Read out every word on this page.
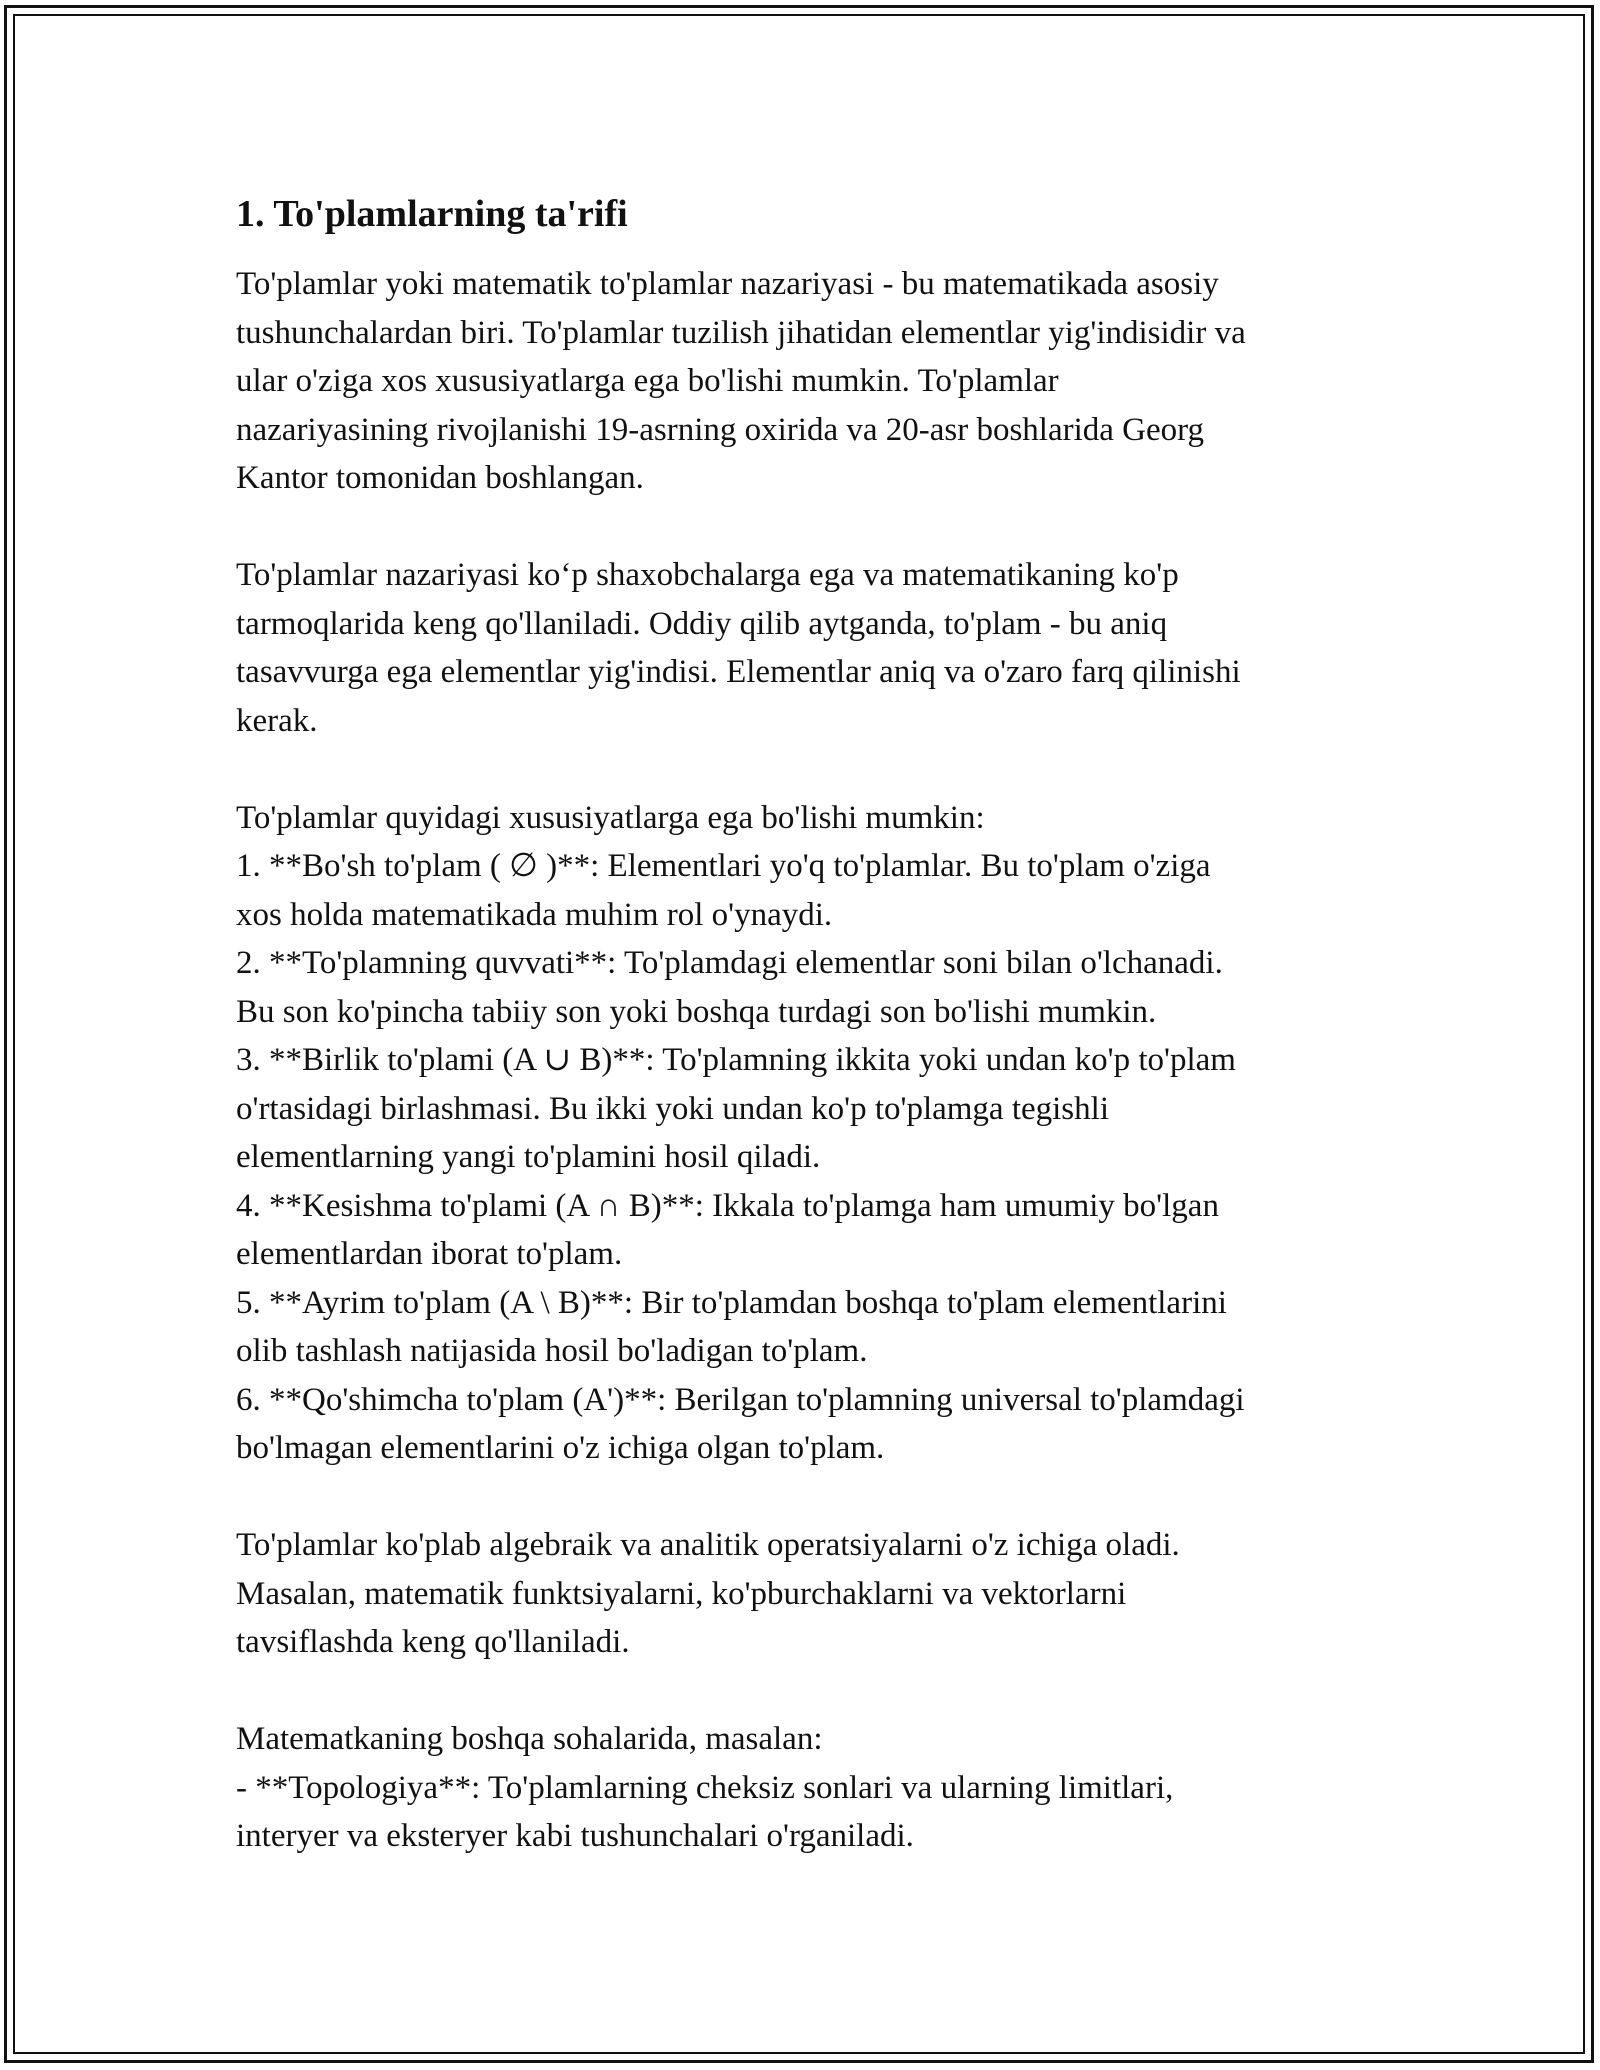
1. To'plamlarning ta'rifi
To'plamlar yoki matematik to'plamlar nazariyasi - bu matematikada asosiy
tushunchalardan biri. To'plamlar tuzilish jihatidan elementlar yig'indisidir va
ular o'ziga xos xususiyatlarga ega bo'lishi mumkin. To'plamlar
nazariyasining rivojlanishi 19-asrning oxirida va 20-asr boshlarida Georg
Kantor tomonidan boshlangan.
To'plamlar nazariyasi ko‘p shaxobchalarga ega va matematikaning ko'p
tarmoqlarida keng qo'llaniladi. Oddiy qilib aytganda, to'plam - bu aniq
tasavvurga ega elementlar yig'indisi. Elementlar aniq va o'zaro farq qilinishi
kerak.
To'plamlar quyidagi xususiyatlarga ega bo'lishi mumkin:
1. **Bo'sh to'plam ( ∅ )**: Elementlari yo'q to'plamlar. Bu to'plam o'ziga
xos holda matematikada muhim rol o'ynaydi.
2. **To'plamning quvvati**: To'plamdagi elementlar soni bilan o'lchanadi.
Bu son ko'pincha tabiiy son yoki boshqa turdagi son bo'lishi mumkin.
3. **Birlik to'plami (A ∪ B)**: To'plamning ikkita yoki undan ko'p to'plam
o'rtasidagi birlashmasi. Bu ikki yoki undan ko'p to'plamga tegishli
elementlarning yangi to'plamini hosil qiladi.
4. **Kesishma to'plami (A ∩ B)**: Ikkala to'plamga ham umumiy bo'lgan
elementlardan iborat to'plam.
5. **Ayrim to'plam (A \ B)**: Bir to'plamdan boshqa to'plam elementlarini
olib tashlash natijasida hosil bo'ladigan to'plam.
6. **Qo'shimcha to'plam (A')**: Berilgan to'plamning universal to'plamdagi
bo'lmagan elementlarini o'z ichiga olgan to'plam.
To'plamlar ko'plab algebraik va analitik operatsiyalarni o'z ichiga oladi.
Masalan, matematik funktsiyalarni, ko'pburchaklarni va vektorlarni
tavsiflashda keng qo'llaniladi.
Matematkaning boshqa sohalarida, masalan:
- **Topologiya**: To'plamlarning cheksiz sonlari va ularning limitlari,
interyer va eksteryer kabi tushunchalari o'rganiladi.
